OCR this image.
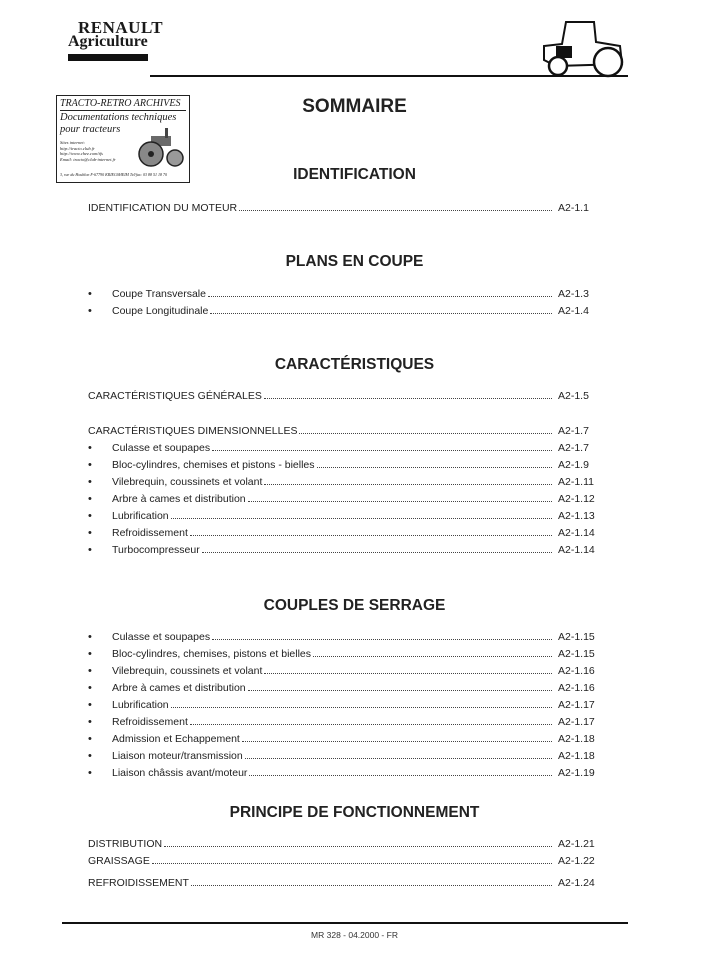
RENAULT
Agriculture
TRACTO-RETRO ARCHIVES
Documentations techniques
pour tracteurs
Sites internet:
http://tracto.club.fr
http://www.chez.com/tfs
Email: tracto@club-internet.fr
3, rue du Houblon F-67790 KRIEGSHEIM Tel/fax: 03 88 51 18 70
SOMMAIRE
IDENTIFICATION
IDENTIFICATION DU MOTEUR	A2-1.1
PLANS EN COUPE
•	Coupe Transversale	A2-1.3
•	Coupe Longitudinale	A2-1.4
CARACTÉRISTIQUES
CARACTÉRISTIQUES GÉNÉRALES	A2-1.5
CARACTÉRISTIQUES DIMENSIONNELLES	A2-1.7
•	Culasse et soupapes	A2-1.7
•	Bloc-cylindres, chemises et pistons - bielles	A2-1.9
•	Vilebrequin, coussinets et volant	A2-1.11
•	Arbre à cames et distribution	A2-1.12
•	Lubrification	A2-1.13
•	Refroidissement	A2-1.14
•	Turbocompresseur	A2-1.14
COUPLES DE SERRAGE
•	Culasse et soupapes	A2-1.15
•	Bloc-cylindres, chemises, pistons et bielles	A2-1.15
•	Vilebrequin, coussinets et volant	A2-1.16
•	Arbre à cames et distribution	A2-1.16
•	Lubrification	A2-1.17
•	Refroidissement	A2-1.17
•	Admission et Echappement	A2-1.18
•	Liaison moteur/transmission	A2-1.18
•	Liaison châssis avant/moteur	A2-1.19
PRINCIPE DE FONCTIONNEMENT
DISTRIBUTION	A2-1.21
GRAISSAGE	A2-1.22
REFROIDISSEMENT	A2-1.24
MR 328 - 04.2000 - FR
